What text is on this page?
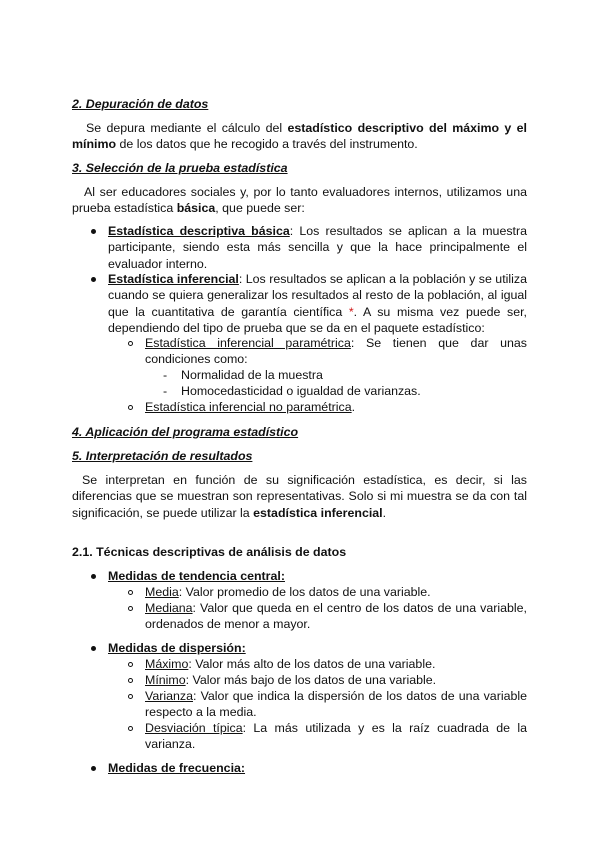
2. Depuración de datos
Se depura mediante el cálculo del estadístico descriptivo del máximo y el mínimo de los datos que he recogido a través del instrumento.
3. Selección de la prueba estadística
Al ser educadores sociales y, por lo tanto evaluadores internos, utilizamos una prueba estadística básica, que puede ser:
Estadística descriptiva básica: Los resultados se aplican a la muestra participante, siendo esta más sencilla y que la hace principalmente el evaluador interno.
Estadística inferencial: Los resultados se aplican a la población y se utiliza cuando se quiera generalizar los resultados al resto de la población, al igual que la cuantitativa de garantía científica *. A su misma vez puede ser, dependiendo del tipo de prueba que se da en el paquete estadístico:
Estadística inferencial paramétrica: Se tienen que dar unas condiciones como:
- Normalidad de la muestra
- Homocedasticidad o igualdad de varianzas.
Estadística inferencial no paramétrica.
4. Aplicación del programa estadístico
5. Interpretación de resultados
Se interpretan en función de su significación estadística, es decir, si las diferencias que se muestran son representativas. Solo si mi muestra se da con tal significación, se puede utilizar la estadística inferencial.
2.1. Técnicas descriptivas de análisis de datos
Medidas de tendencia central:
Media: Valor promedio de los datos de una variable.
Mediana: Valor que queda en el centro de los datos de una variable, ordenados de menor a mayor.
Medidas de dispersión:
Máximo: Valor más alto de los datos de una variable.
Mínimo: Valor más bajo de los datos de una variable.
Varianza: Valor que indica la dispersión de los datos de una variable respecto a la media.
Desviación típica: La más utilizada y es la raíz cuadrada de la varianza.
Medidas de frecuencia:
